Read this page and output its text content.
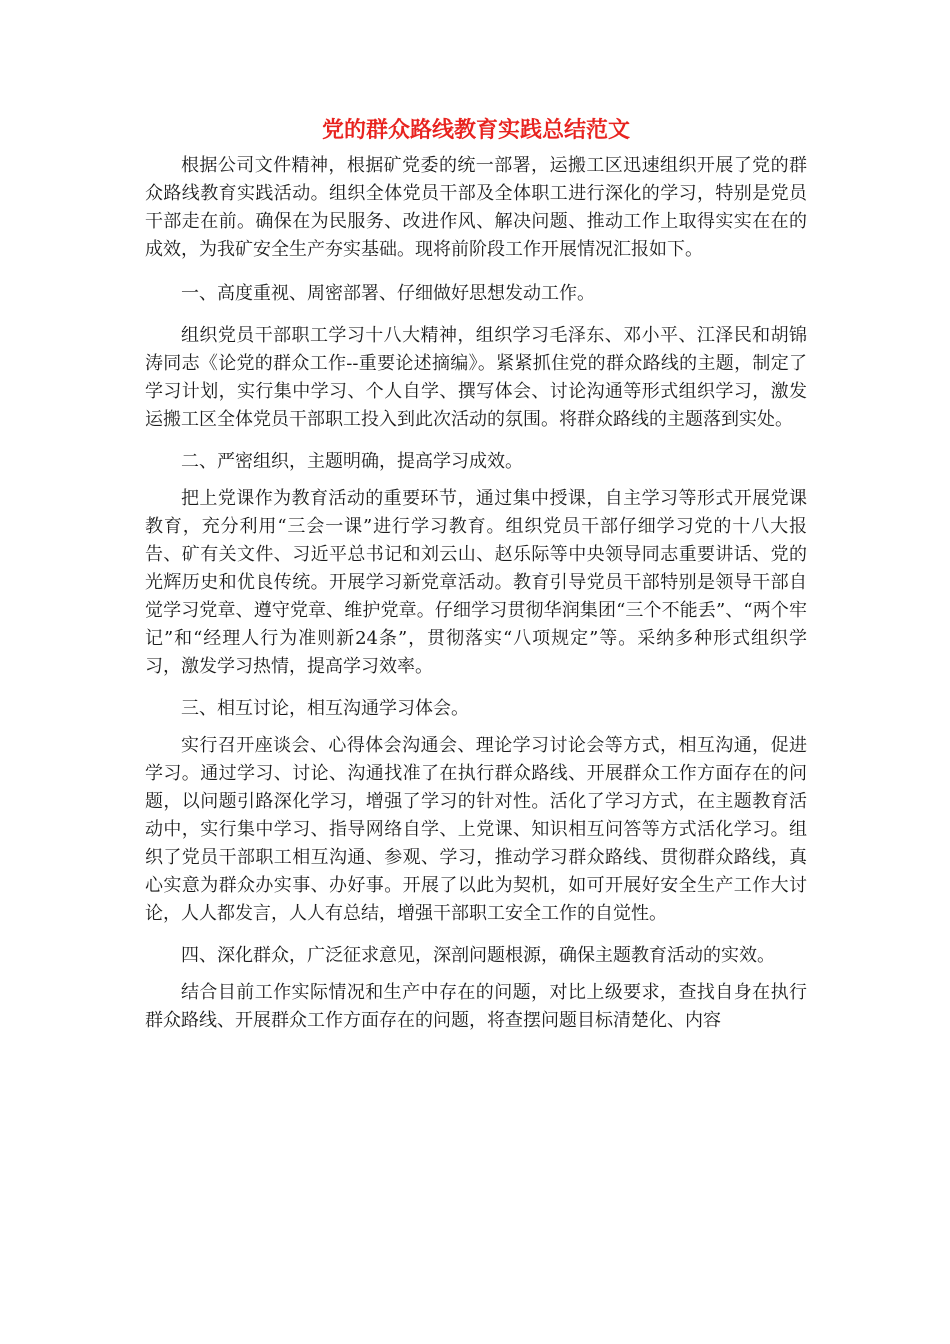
党的群众路线教育实践总结范文

根据公司文件精神，根据矿党委的统一部署，运搬工区迅速组织开展了党的群众路线教育实践活动。组织全体党员干部及全体职工进行深化的学习，特别是党员干部走在前。确保在为民服务、改进作风、解决问题、推动工作上取得实实在在的成效，为我矿安全生产夯实基础。现将前阶段工作开展情况汇报如下。

一、高度重视、周密部署、仔细做好思想发动工作。

组织党员干部职工学习十八大精神，组织学习毛泽东、邓小平、江泽民和胡锦涛同志《论党的群众工作--重要论述摘编》。紧紧抓住党的群众路线的主题，制定了学习计划，实行集中学习、个人自学、撰写体会、讨论沟通等形式组织学习，激发运搬工区全体党员干部职工投入到此次活动的氛围。将群众路线的主题落到实处。

二、严密组织，主题明确，提高学习成效。

把上党课作为教育活动的重要环节，通过集中授课，自主学习等形式开展党课教育，充分利用“三会一课”进行学习教育。组织党员干部仔细学习党的十八大报告、矿有关文件、习近平总书记和刘云山、赵乐际等中央领导同志重要讲话、党的光辉历史和优良传统。开展学习新党章活动。教育引导党员干部特别是领导干部自觉学习党章、遵守党章、维护党章。仔细学习贯彻华润集团“三个不能丢”、“两个牢记”和“经理人行为准则新24条”，贯彻落实“八项规定”等。采纳多种形式组织学习，激发学习热情，提高学习效率。

三、相互讨论，相互沟通学习体会。

实行召开座谈会、心得体会沟通会、理论学习讨论会等方式，相互沟通，促进学习。通过学习、讨论、沟通找准了在执行群众路线、开展群众工作方面存在的问题，以问题引路深化学习，增强了学习的针对性。活化了学习方式，在主题教育活动中，实行集中学习、指导网络自学、上党课、知识相互问答等方式活化学习。组织了党员干部职工相互沟通、参观、学习，推动学习群众路线、贯彻群众路线，真心实意为群众办实事、办好事。开展了以此为契机，如可开展好安全生产工作大讨论，人人都发言，人人有总结，增强干部职工安全工作的自觉性。

四、深化群众，广泛征求意见，深剖问题根源，确保主题教育活动的实效。

结合目前工作实际情况和生产中存在的问题，对比上级要求，查找自身在执行群众路线、开展群众工作方面存在的问题，将查摆问题目标清楚化、内容
